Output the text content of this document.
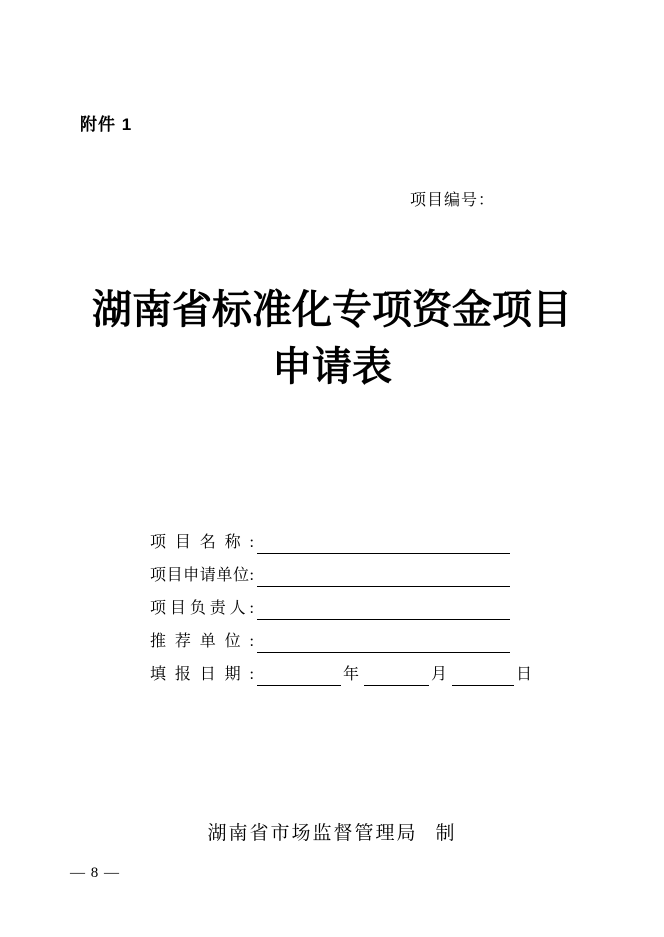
附件 1
项目编号：
湖南省标准化专项资金项目
申请表
项目名称:
项目申请单位:
项目负责人:
推荐单位:
填报日期:	年	月	日
湖南省市场监督管理局 制
— 8 —
